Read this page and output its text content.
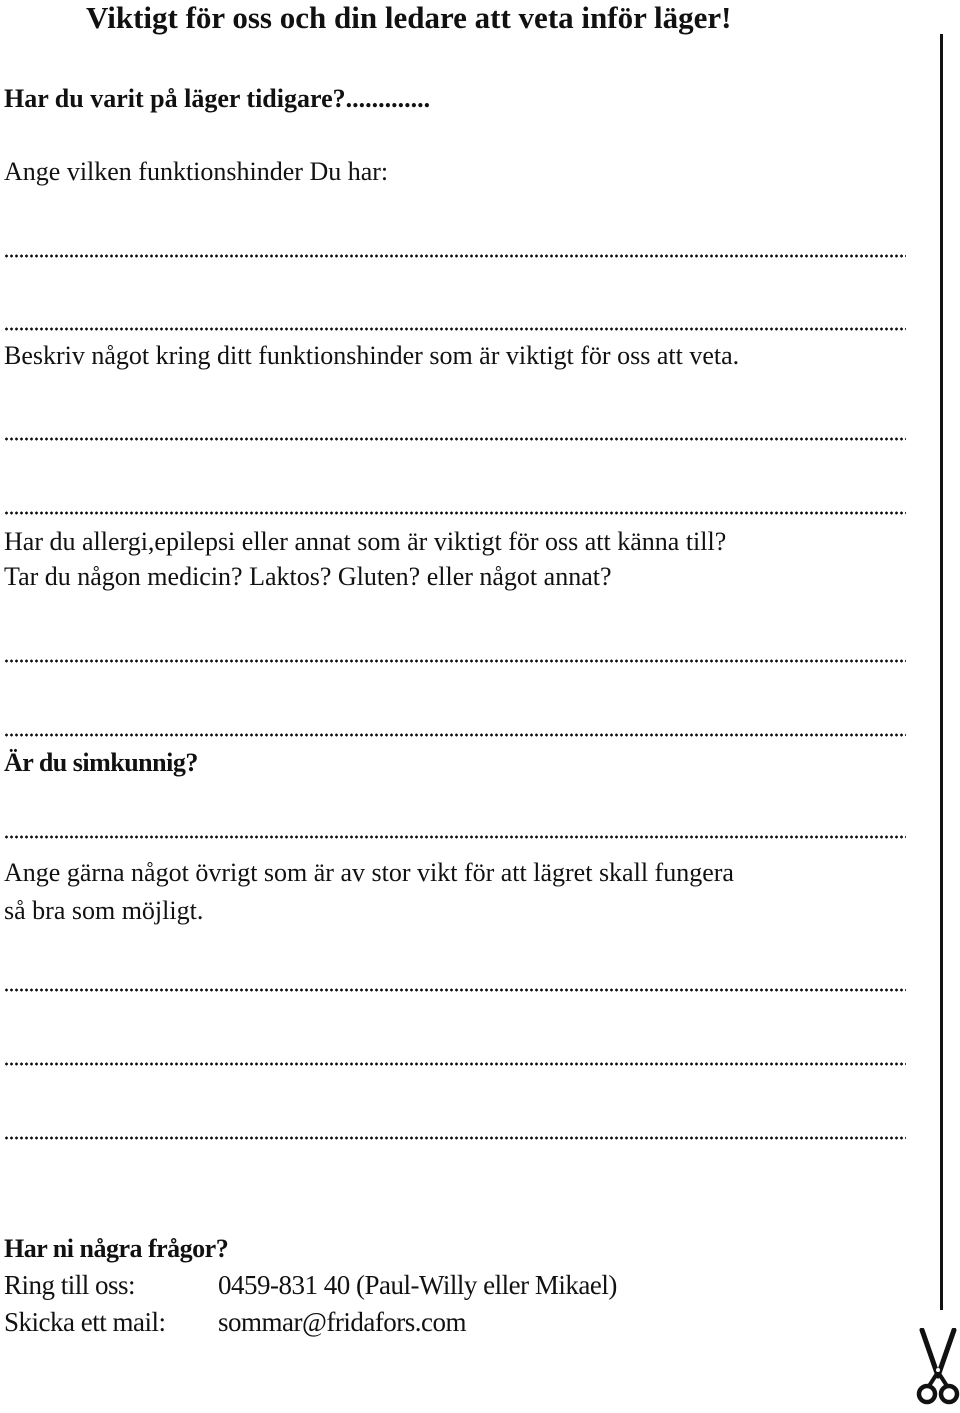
Viktigt för oss och din ledare att veta inför läger!
Har du varit på läger tidigare?.............
Ange vilken funktionshinder Du har:
Beskriv något kring ditt funktionshinder som är viktigt för oss att veta.
Har du allergi,epilepsi eller annat som är viktigt för oss att känna till?
Tar du någon medicin? Laktos? Gluten? eller något annat?
Är du simkunnig?
Ange gärna något övrigt som är av stor vikt för att lägret skall fungera
så bra som möjligt.
Har ni några frågor?
Ring till oss:	0459-831 40 (Paul-Willy eller Mikael)
Skicka ett mail: sommar@fridafors.com
